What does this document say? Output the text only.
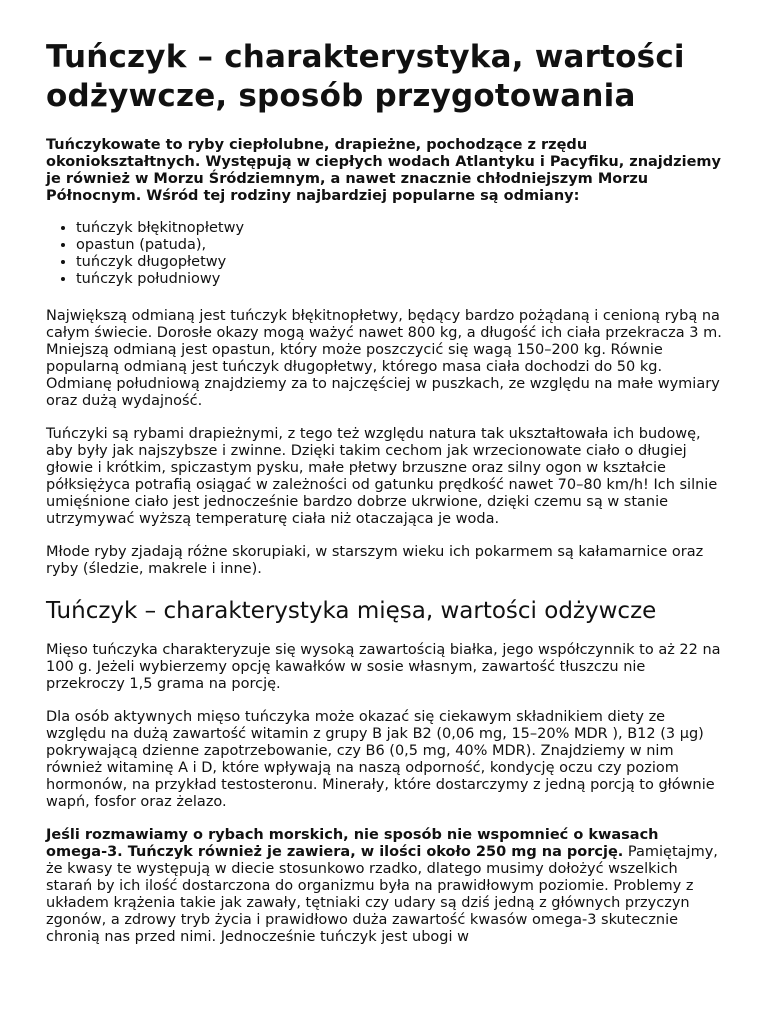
Tuńczyk – charakterystyka, wartości odżywcze, sposób przygotowania

Tuńczykowate to ryby ciepłolubne, drapieżne, pochodzące z rzędu okoniokształtnych. Występują w ciepłych wodach Atlantyku i Pacyfiku, znajdziemy je również w Morzu Śródziemnym, a nawet znacznie chłodniejszym Morzu Północnym. Wśród tej rodziny najbardziej popularne są odmiany:

• tuńczyk błękitnopłetwy
• opastun (patuda),
• tuńczyk długopłetwy
• tuńczyk południowy

Największą odmianą jest tuńczyk błękitnopłetwy, będący bardzo pożądaną i cenioną rybą na całym świecie. Dorosłe okazy mogą ważyć nawet 800 kg, a długość ich ciała przekracza 3 m. Mniejszą odmianą jest opastun, który może poszczycić się wagą 150–200 kg. Równie popularną odmianą jest tuńczyk długopłetwy, którego masa ciała dochodzi do 50 kg. Odmianę południową znajdziemy za to najczęściej w puszkach, ze względu na małe wymiary oraz dużą wydajność.

Tuńczyki są rybami drapieżnymi, z tego też względu natura tak ukształtowała ich budowę, aby były jak najszybsze i zwinne. Dzięki takim cechom jak wrzecionowate ciało o długiej głowie i krótkim, spiczastym pysku, małe płetwy brzuszne oraz silny ogon w kształcie półksiężyca potrafią osiągać w zależności od gatunku prędkość nawet 70–80 km/h! Ich silnie umięśnione ciało jest jednocześnie bardzo dobrze ukrwione, dzięki czemu są w stanie utrzymywać wyższą temperaturę ciała niż otaczająca je woda.

Młode ryby zjadają różne skorupiaki, w starszym wieku ich pokarmem są kałamarnice oraz ryby (śledzie, makrele i inne).

Tuńczyk – charakterystyka mięsa, wartości odżywcze

Mięso tuńczyka charakteryzuje się wysoką zawartością białka, jego współczynnik to aż 22 na 100 g. Jeżeli wybierzemy opcję kawałków w sosie własnym, zawartość tłuszczu nie przekroczy 1,5 grama na porcję.

Dla osób aktywnych mięso tuńczyka może okazać się ciekawym składnikiem diety ze względu na dużą zawartość witamin z grupy B jak B2 (0,06 mg, 15–20% MDR ), B12 (3 µg) pokrywającą dzienne zapotrzebowanie, czy B6 (0,5 mg, 40% MDR). Znajdziemy w nim również witaminę A i D, które wpływają na naszą odporność, kondycję oczu czy poziom hormonów, na przykład testosteronu. Minerały, które dostarczymy z jedną porcją to głównie wapń, fosfor oraz żelazo.

Jeśli rozmawiamy o rybach morskich, nie sposób nie wspomnieć o kwasach omega-3. Tuńczyk również je zawiera, w ilości około 250 mg na porcję. Pamiętajmy, że kwasy te występują w diecie stosunkowo rzadko, dlatego musimy dołożyć wszelkich starań by ich ilość dostarczona do organizmu była na prawidłowym poziomie. Problemy z układem krążenia takie jak zawały, tętniaki czy udary są dziś jedną z głównych przyczyn zgonów, a zdrowy tryb życia i prawidłowo duża zawartość kwasów omega-3 skutecznie chronią nas przed nimi. Jednocześnie tuńczyk jest ubogi w
